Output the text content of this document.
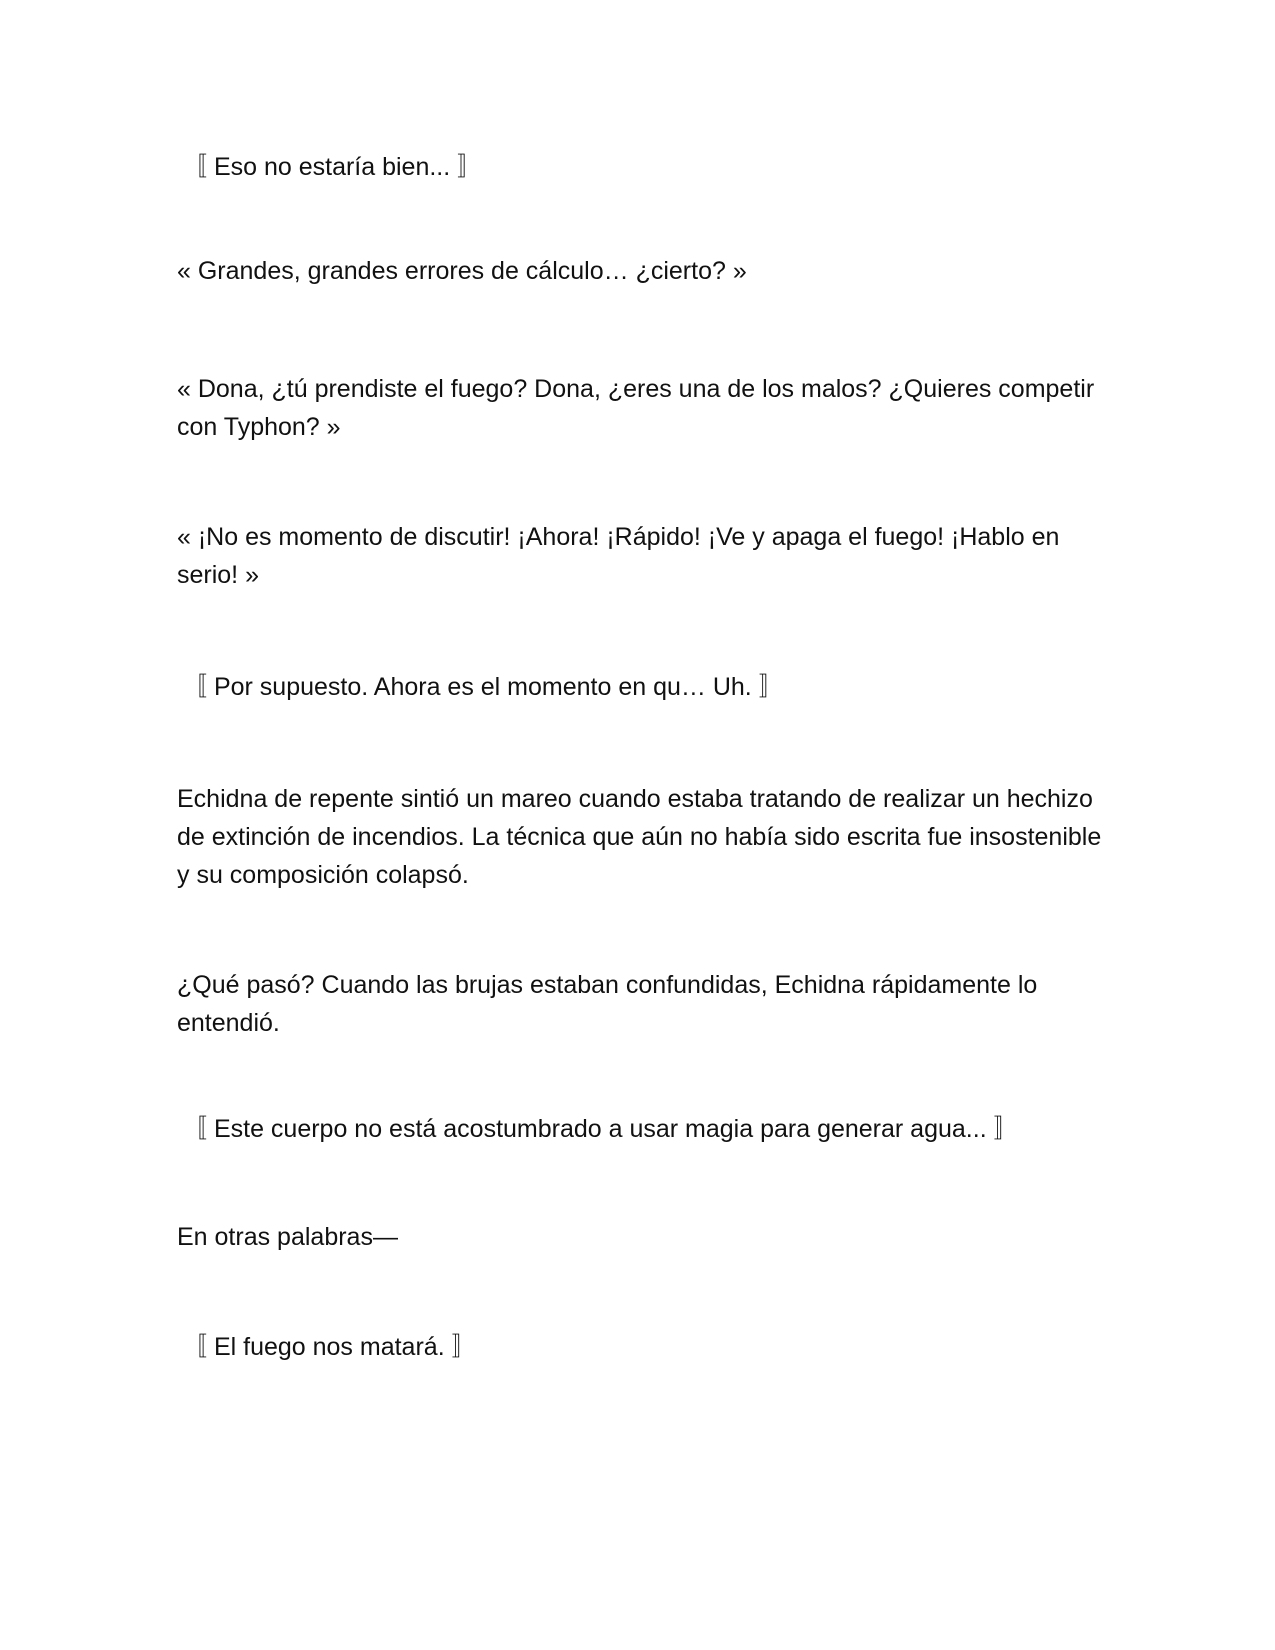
〚 Eso no estaría bien... 〛

« Grandes, grandes errores de cálculo… ¿cierto? »

« Dona, ¿tú prendiste el fuego? Dona, ¿eres una de los malos? ¿Quieres competir con Typhon? »

« ¡No es momento de discutir! ¡Ahora! ¡Rápido! ¡Ve y apaga el fuego! ¡Hablo en serio! »

〚 Por supuesto. Ahora es el momento en qu… Uh. 〛

Echidna de repente sintió un mareo cuando estaba tratando de realizar un hechizo de extinción de incendios. La técnica que aún no había sido escrita fue insostenible y su composición colapsó.

¿Qué pasó? Cuando las brujas estaban confundidas, Echidna rápidamente lo entendió.

〚 Este cuerpo no está acostumbrado a usar magia para generar agua... 〛

En otras palabras—

〚 El fuego nos matará. 〛
